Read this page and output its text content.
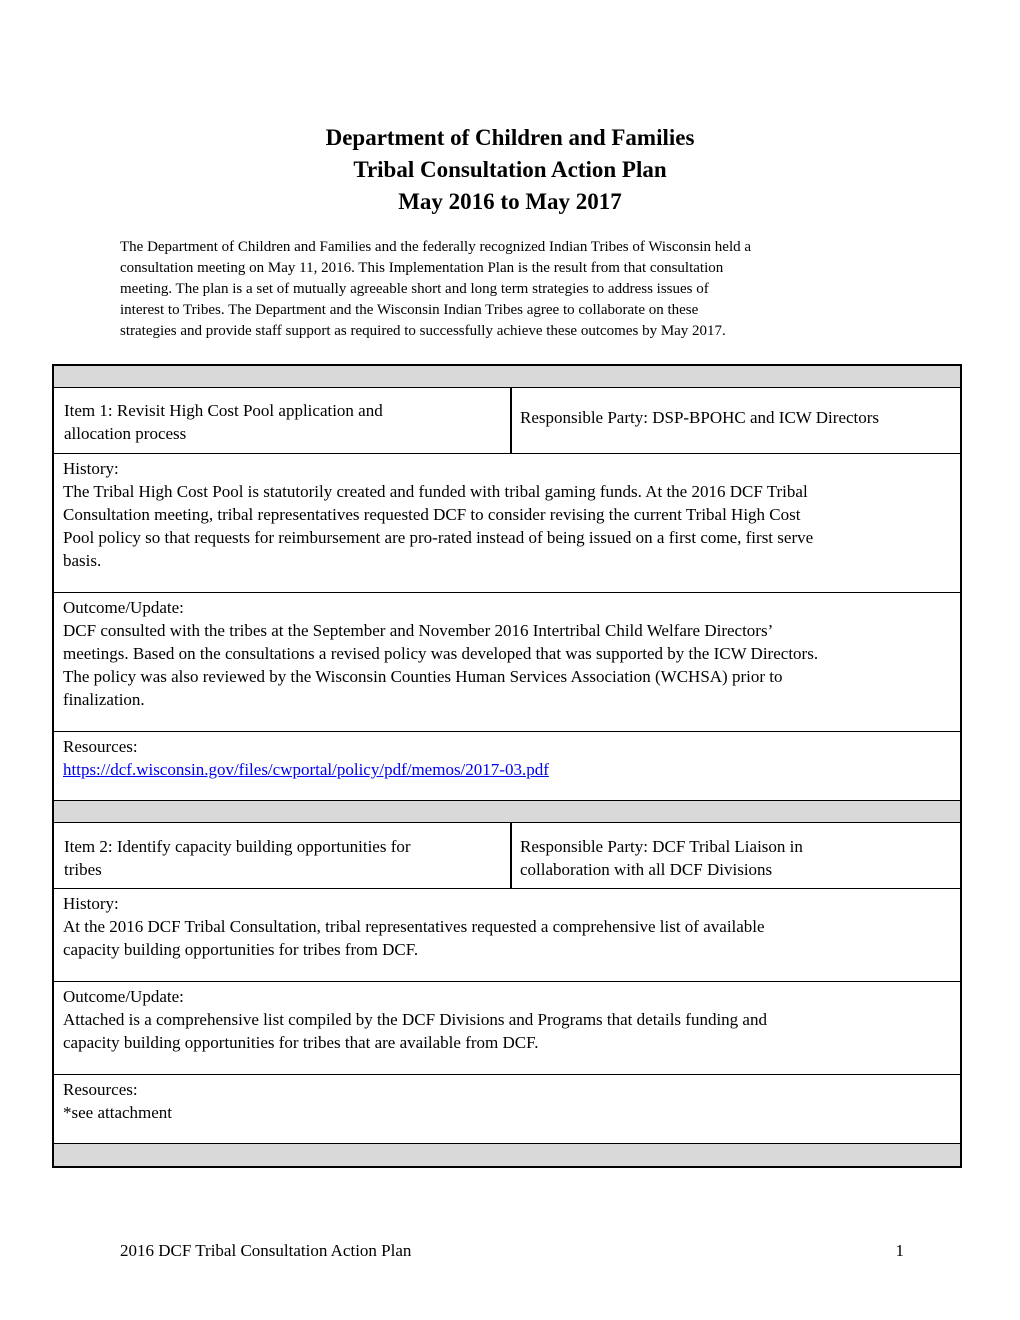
Department of Children and Families
Tribal Consultation Action Plan
May 2016 to May 2017
The Department of Children and Families and the federally recognized Indian Tribes of Wisconsin held a
consultation meeting on May 11, 2016. This Implementation Plan is the result from that consultation
meeting. The plan is a set of mutually agreeable short and long term strategies to address issues of
interest to Tribes. The Department and the Wisconsin Indian Tribes agree to collaborate on these
strategies and provide staff support as required to successfully achieve these outcomes by May 2017.
Item 1: Revisit High Cost Pool application and
allocation process
Responsible Party: DSP-BPOHC and ICW Directors
History:
The Tribal High Cost Pool is statutorily created and funded with tribal gaming funds. At the 2016 DCF Tribal
Consultation meeting, tribal representatives requested DCF to consider revising the current Tribal High Cost
Pool policy so that requests for reimbursement are pro-rated instead of being issued on a first come, first serve
basis.
Outcome/Update:
DCF consulted with the tribes at the September and November 2016 Intertribal Child Welfare Directors’
meetings. Based on the consultations a revised policy was developed that was supported by the ICW Directors.
The policy was also reviewed by the Wisconsin Counties Human Services Association (WCHSA) prior to
finalization.
Resources:
https://dcf.wisconsin.gov/files/cwportal/policy/pdf/memos/2017-03.pdf
Item 2: Identify capacity building opportunities for
tribes
Responsible Party: DCF Tribal Liaison in
collaboration with all DCF Divisions
History:
At the 2016 DCF Tribal Consultation, tribal representatives requested a comprehensive list of available
capacity building opportunities for tribes from DCF.
Outcome/Update:
Attached is a comprehensive list compiled by the DCF Divisions and Programs that details funding and
capacity building opportunities for tribes that are available from DCF.
Resources:
*see attachment
2016 DCF Tribal Consultation Action Plan	1
